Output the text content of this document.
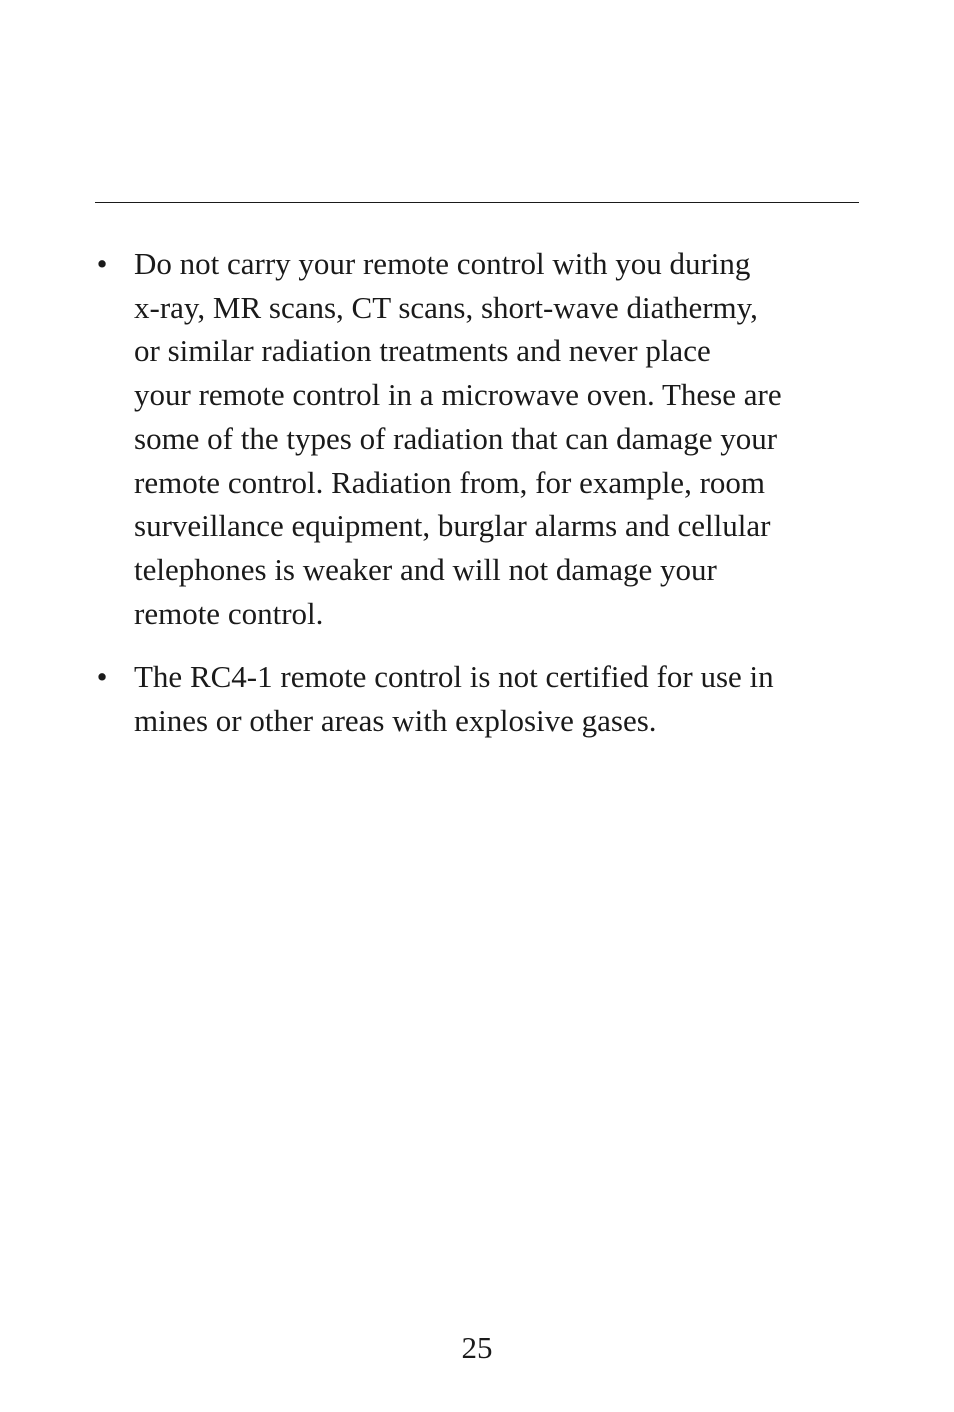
• Do not carry your remote control with you during
x-ray, MR scans, CT scans, short-wave diathermy,
or similar radiation treatments and never place
your remote control in a microwave oven. These are
some of the types of radiation that can damage your
remote control. Radiation from, for example, room
surveillance equipment, burglar alarms and cellular
telephones is weaker and will not damage your
remote control.
• The RC4-1 remote control is not certified for use in
mines or other areas with explosive gases.
25
